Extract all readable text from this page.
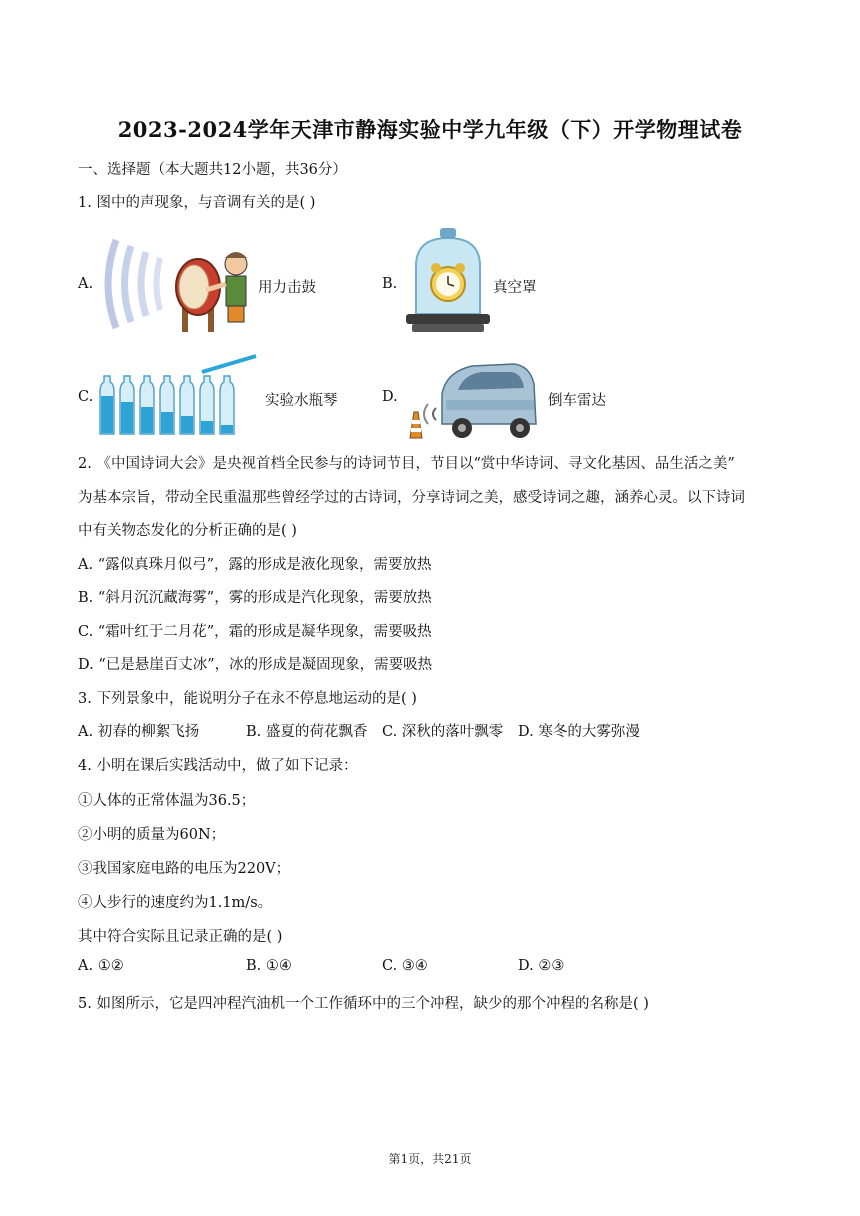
2023-2024学年天津市静海实验中学九年级（下）开学物理试卷
一、选择题（本大题共12小题，共36分）
1. 图中的声现象，与音调有关的是( )
A.	用力击鼓	B.	真空罩
C.	实验水瓶琴	D.	倒车雷达
2. 《中国诗词大会》是央视首档全民参与的诗词节目，节目以“赏中华诗词、寻文化基因、品生活之美”
为基本宗旨，带动全民重温那些曾经学过的古诗词，分享诗词之美，感受诗词之趣，涵养心灵。以下诗词
中有关物态发化的分析正确的是( )
A. “露似真珠月似弓”，露的形成是液化现象，需要放热
B. “斜月沉沉藏海雾”，雾的形成是汽化现象，需要放热
C. “霜叶红于二月花”，霜的形成是凝华现象，需要吸热
D. “已是悬崖百丈冰”，冰的形成是凝固现象，需要吸热
3. 下列景象中，能说明分子在永不停息地运动的是( )
A. 初春的柳絮飞扬	B. 盛夏的荷花飘香 C. 深秋的落叶飘零 D. 寒冬的大雾弥漫
4. 小明在课后实践活动中，做了如下记录：
①人体的正常体温为36.5；
②小明的质量为60N；
③我国家庭电路的电压为220V；
④人步行的速度约为1.1m/s。
其中符合实际且记录正确的是( )
A. ①②	B. ①④	C. ③④	D. ②③
5. 如图所示，它是四冲程汽油机一个工作循环中的三个冲程，缺少的那个冲程的名称是( )
第1页，共21页
